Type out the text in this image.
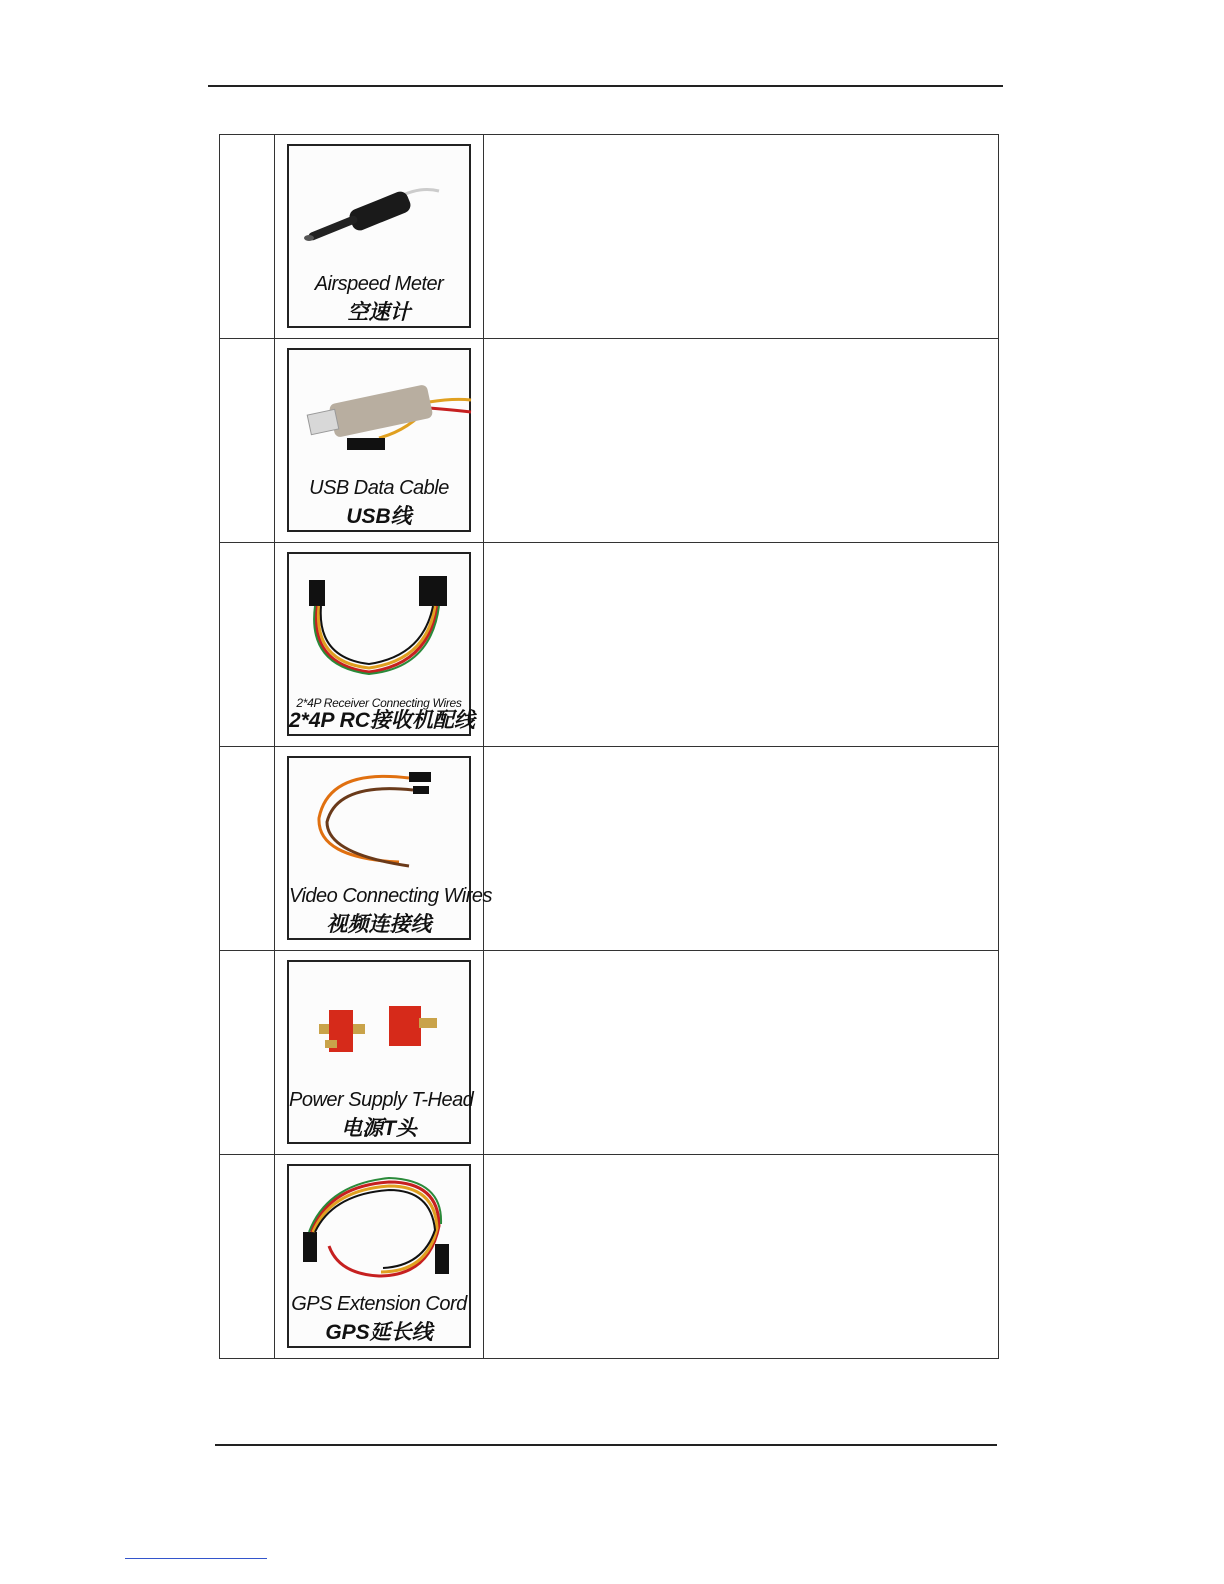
	Airspeed Meter
空速计	

	USB Data Cable
USB线	

	2*4P Receiver Connecting Wires
2*4P RC接收机配线	

	Video Connecting Wires
视频连接线	

	Power Supply T-Head
电源T头	

	GPS Extension Cord
GPS延长线	
